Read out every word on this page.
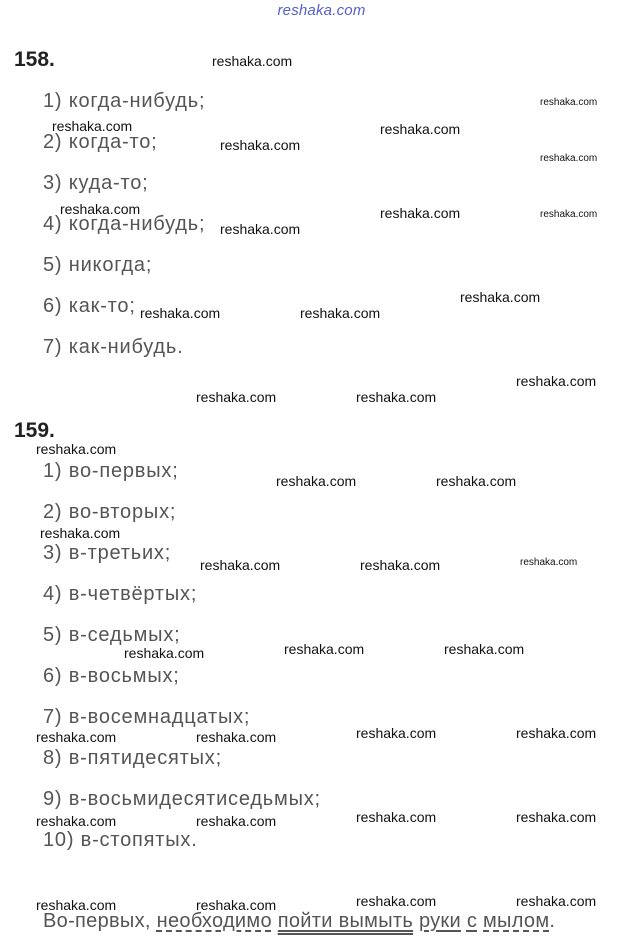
reshaka.com
158.
1) когда-нибудь;
2) когда-то;
3) куда-то;
4) когда-нибудь;
5) никогда;
6) как-то;
7) как-нибудь.
159.
1) во-первых;
2) во-вторых;
3) в-третьих;
4) в-четвёртых;
5) в-седьмых;
6) в-восьмых;
7) в-восемнадцатых;
8) в-пятидесятых;
9) в-восьмидесятиседьмых;
10) в-стопятых.
Во-первых, необходимо пойти вымыть руки с мылом.
reshaka.com
reshaka.com
reshaka.com	reshaka.com
reshaka.com
reshaka.com
reshaka.com	reshaka.com	reshaka.com
reshaka.com
reshaka.com
reshaka.com	reshaka.com
reshaka.com
reshaka.com	reshaka.com
reshaka.com
reshaka.com	reshaka.com
reshaka.com
reshaka.com
reshaka.com	reshaka.com
reshaka.com	reshaka.com
reshaka.com
reshaka.com	reshaka.com
reshaka.com	reshaka.com
reshaka.com	reshaka.com
reshaka.com	reshaka.com
reshaka.com	reshaka.com
reshaka.com	reshaka.com
